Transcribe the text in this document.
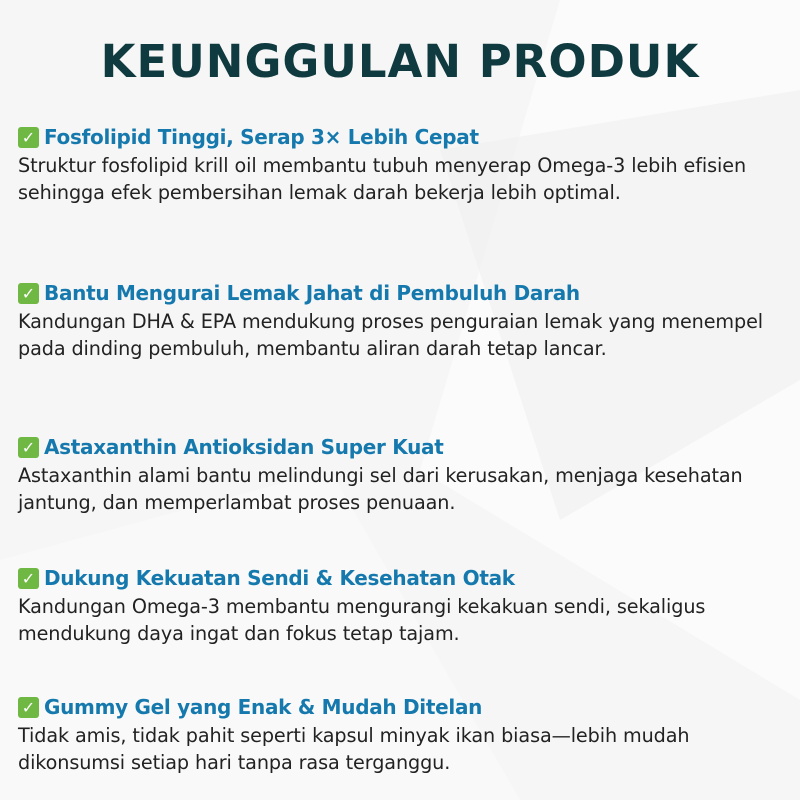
KEUNGGULAN PRODUK
✓ Fosfolipid Tinggi, Serap 3× Lebih Cepat

Struktur fosfolipid krill oil membantu tubuh menyerap Omega-3 lebih efisien sehingga efek pembersihan lemak darah bekerja lebih optimal.

✓ Bantu Mengurai Lemak Jahat di Pembuluh Darah

Kandungan DHA & EPA mendukung proses penguraian lemak yang menempel pada dinding pembuluh, membantu aliran darah tetap lancar.

✓ Astaxanthin Antioksidan Super Kuat

Astaxanthin alami bantu melindungi sel dari kerusakan, menjaga kesehatan jantung, dan memperlambat proses penuaan.

✓ Dukung Kekuatan Sendi & Kesehatan Otak

Kandungan Omega-3 membantu mengurangi kekakuan sendi, sekaligus mendukung daya ingat dan fokus tetap tajam.

✓ Gummy Gel yang Enak & Mudah Ditelan

Tidak amis, tidak pahit seperti kapsul minyak ikan biasa—lebih mudah dikonsumsi setiap hari tanpa rasa terganggu.
